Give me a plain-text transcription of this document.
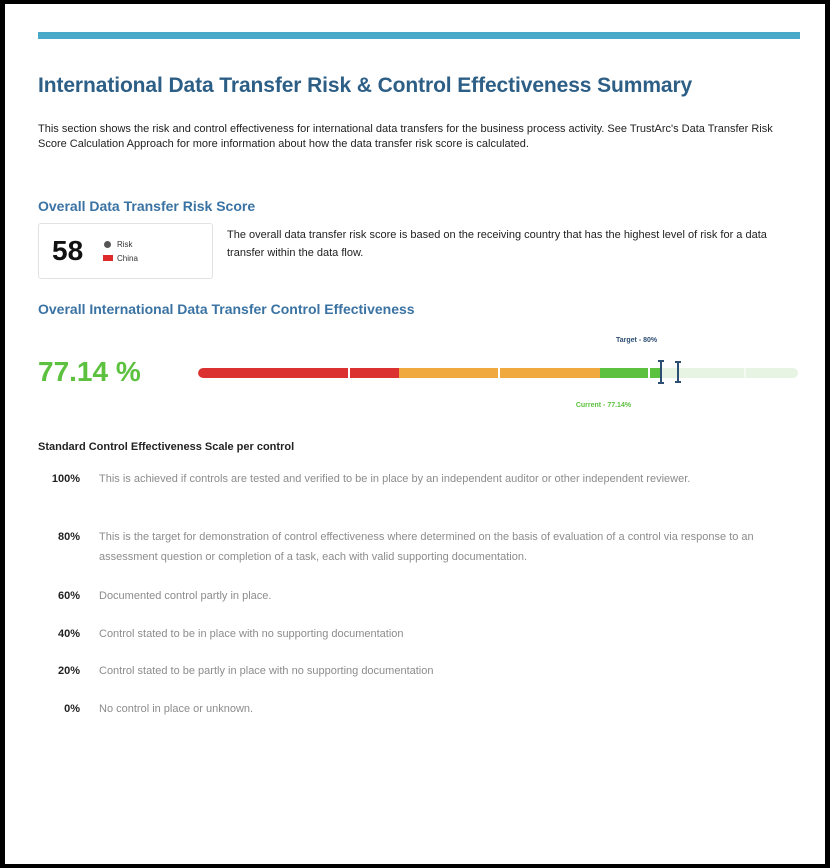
International Data Transfer Risk & Control Effectiveness Summary

This section shows the risk and control effectiveness for international data transfers for the business process activity. See TrustArc's Data Transfer Risk Score Calculation Approach for more information about how the data transfer risk score is calculated.

Overall Data Transfer Risk Score
58	Risk
China

The overall data transfer risk score is based on the receiving country that has the highest level of risk for a data transfer within the data flow.

Overall International Data Transfer Control Effectiveness
77.14 %
Target - 80%
Current - 77.14%
Standard Control Effectiveness Scale per control
100% This is achieved if controls are tested and verified to be in place by an independent auditor or other independent reviewer.
80% This is the target for demonstration of control effectiveness where determined on the basis of evaluation of a control via response to an assessment question or completion of a task, each with valid supporting documentation.
60% Documented control partly in place.
40% Control stated to be in place with no supporting documentation
20% Control stated to be partly in place with no supporting documentation
0% No control in place or unknown.
